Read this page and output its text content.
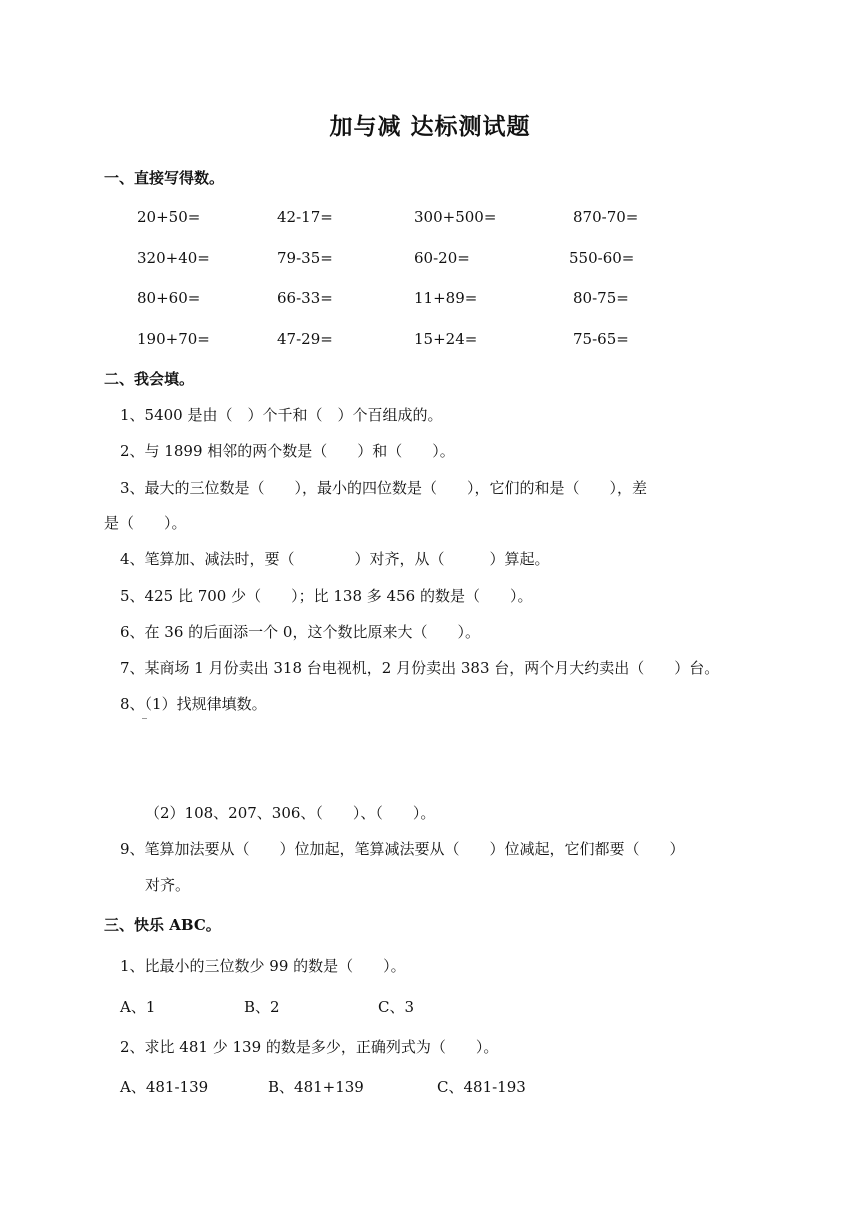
加与减 达标测试题
一、直接写得数。
20+50=	42-17=	300+500=	870-70=
320+40=	79-35=	60-20=	550-60=
80+60=	66-33=	11+89=	80-75=
190+70=	47-29=	15+24=	75-65=
二、我会填。
1、5400 是由（　）个千和（　）个百组成的。
2、与 1899 相邻的两个数是（　　）和（　　）。
3、最大的三位数是（　　），最小的四位数是（　　），它们的和是（　　），差
是（　　）。
4、笔算加、减法时，要（　　　　）对齐，从（　　　）算起。
5、425 比 700 少（　　）；比 138 多 456 的数是（　　）。
6、在 36 的后面添一个 0，这个数比原来大（　　）。
7、某商场 1 月份卖出 318 台电视机，2 月份卖出 383 台，两个月大约卖出（　　）台。
8、（1）找规律填数。
（2）108、207、306、（　　）、（　　）。
9、笔算加法要从（　　）位加起，笔算减法要从（　　）位减起，它们都要（　　）
对齐。
三、快乐 ABC。
1、比最小的三位数少 99 的数是（　　）。
A、1	B、2	C、3
2、求比 481 少 139 的数是多少，正确列式为（　　）。
A、481-139	B、481+139	C、481-193
